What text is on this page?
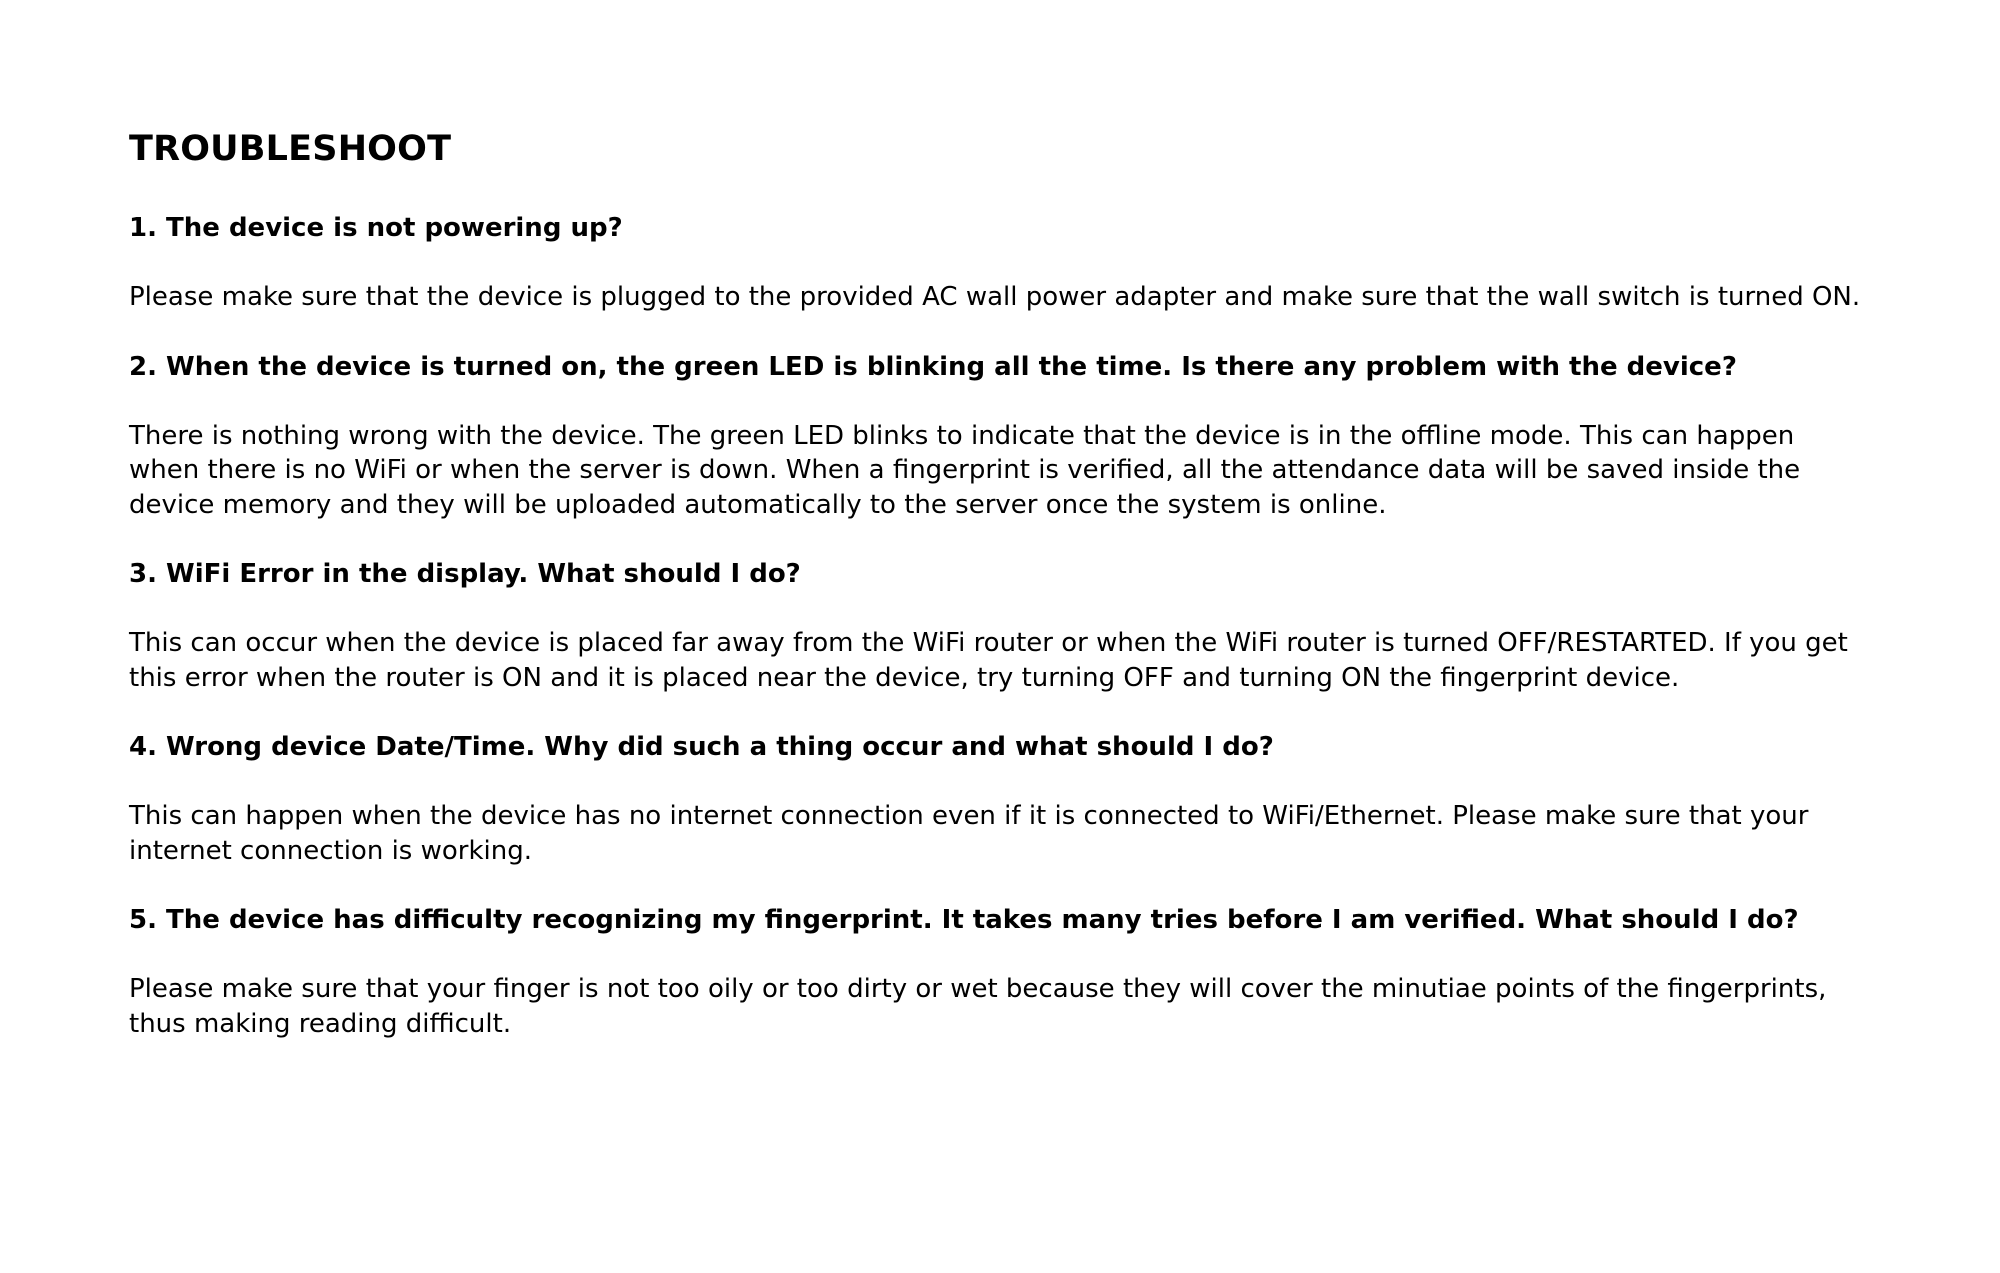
TROUBLESHOOT

1. The device is not powering up?

Please make sure that the device is plugged to the provided AC wall power adapter and make sure that the wall switch is turned ON.

2. When the device is turned on, the green LED is blinking all the time. Is there any problem with the device?

There is nothing wrong with the device. The green LED blinks to indicate that the device is in the offline mode. This can happen when there is no WiFi or when the server is down. When a fingerprint is verified, all the attendance data will be saved inside the device memory and they will be uploaded automatically to the server once the system is online.

3. WiFi Error in the display. What should I do?

This can occur when the device is placed far away from the WiFi router or when the WiFi router is turned OFF/RESTARTED. If you get this error when the router is ON and it is placed near the device, try turning OFF and turning ON the fingerprint device.

4. Wrong device Date/Time. Why did such a thing occur and what should I do?

This can happen when the device has no internet connection even if it is connected to WiFi/Ethernet. Please make sure that your internet connection is working.

5. The device has difficulty recognizing my fingerprint. It takes many tries before I am verified. What should I do?

Please make sure that your finger is not too oily or too dirty or wet because they will cover the minutiae points of the fingerprints, thus making reading difficult.
